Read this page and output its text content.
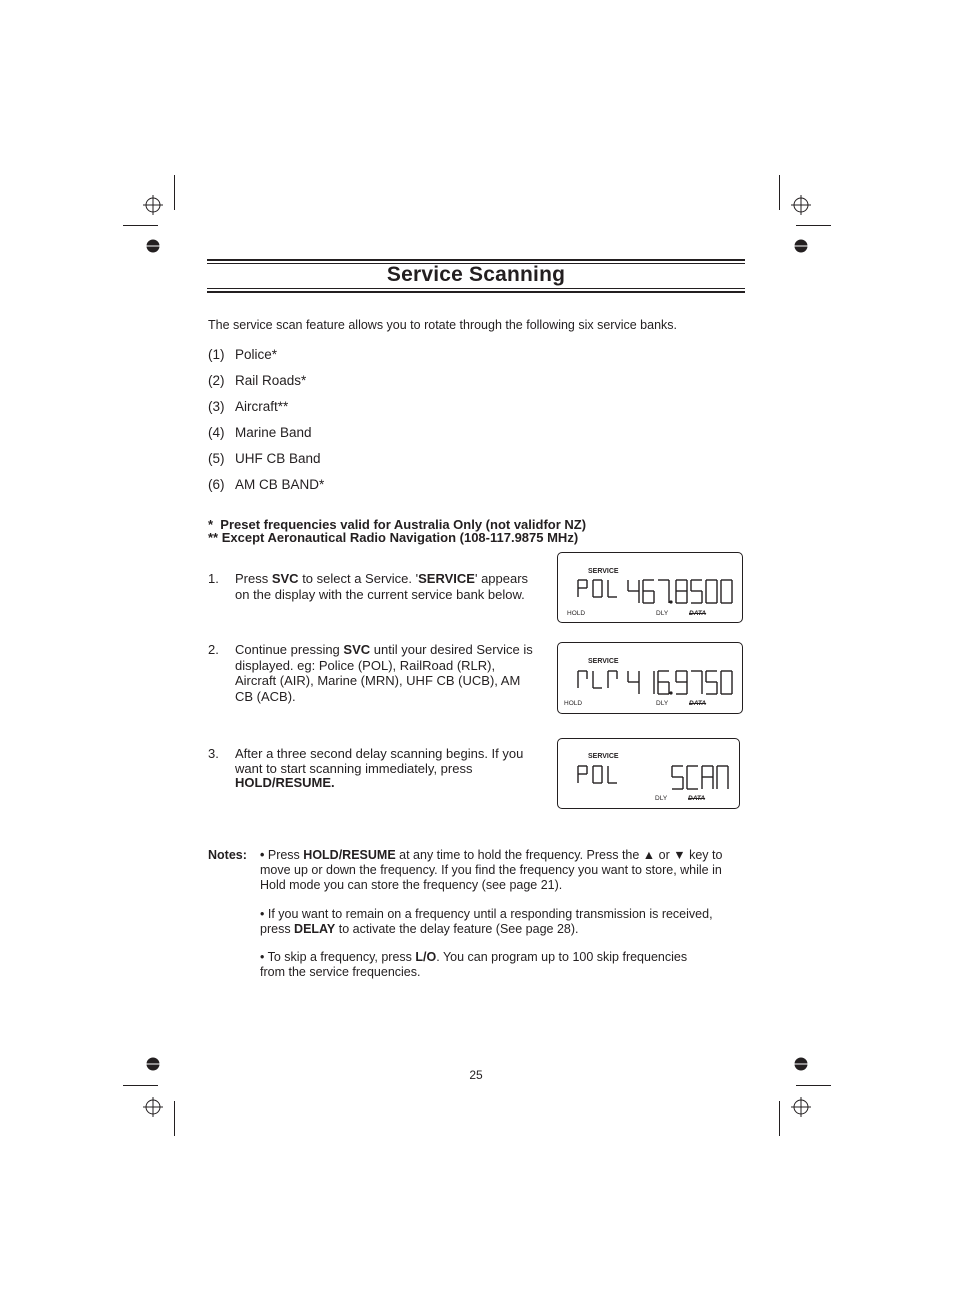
Service Scanning
The service scan feature allows you to rotate through the following six service banks.
(1) Police*
(2) Rail Roads*
(3) Aircraft**
(4) Marine Band
(5) UHF CB Band
(6) AM CB BAND*
*  Preset frequencies valid for Australia Only (not validfor NZ)
** Except Aeronautical Radio Navigation (108-117.9875 MHz)
1.	Press SVC to select a Service. 'SERVICE' appears on the display with the current service bank below.
2.	Continue pressing SVC until your desired Service is displayed. eg: Police (POL), RailRoad (RLR), Aircraft (AIR), Marine (MRN), UHF CB (UCB), AM CB (ACB).
3.	After a three second delay scanning begins. If you want to start scanning immediately, press HOLD/RESUME.
SERVICE
HOLD	DLY	DATA
SERVICE
HOLD	DLY	DATA
SERVICE
DLY	DATA
Notes: • Press HOLD/RESUME at any time to hold the frequency. Press the ▲ or ▼ key to move up or down the frequency. If you find the frequency you want to store, while in Hold mode you can store the frequency (see page 21).
• If you want to remain on a frequency until a responding transmission is received, press DELAY to activate the delay feature (See page 28).
• To skip a frequency, press L/O. You can program up to 100 skip frequencies from the service frequencies.
25
